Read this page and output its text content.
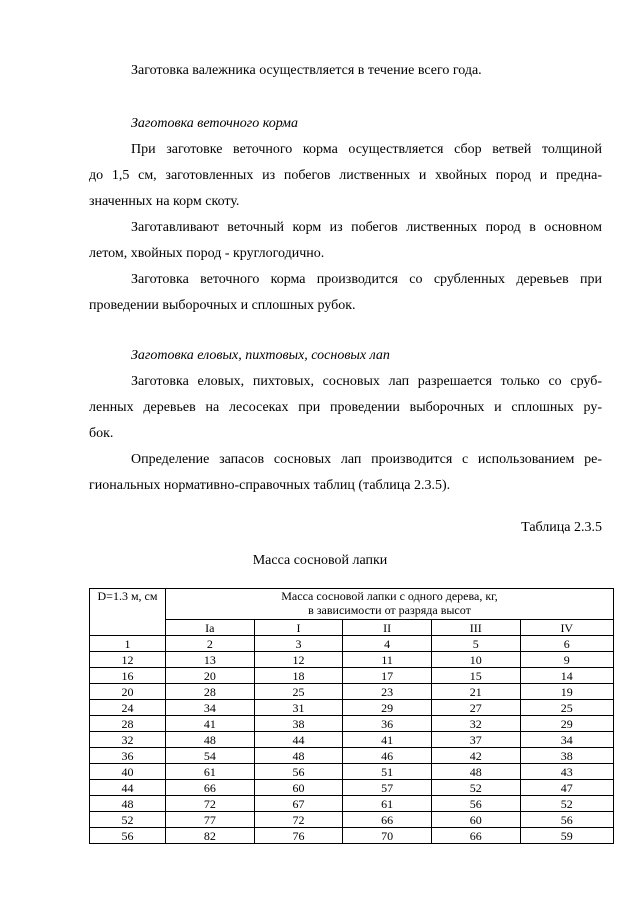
Заготовка валежника осуществляется в течение всего года.
Заготовка веточного корма
При заготовке веточного корма осуществляется сбор ветвей толщиной
до 1,5 см, заготовленных из побегов лиственных и хвойных пород и предна-
значенных на корм скоту.
Заготавливают веточный корм из побегов лиственных пород в основном
летом, хвойных пород - круглогодично.
Заготовка веточного корма производится со срубленных деревьев при
проведении выборочных и сплошных рубок.
Заготовка еловых, пихтовых, сосновых лап
Заготовка еловых, пихтовых, сосновых лап разрешается только со сруб-
ленных деревьев на лесосеках при проведении выборочных и сплошных ру-
бок.
Определение запасов сосновых лап производится с использованием ре-
гиональных нормативно-справочных таблиц (таблица 2.3.5).
Таблица 2.3.5
Масса сосновой лапки
D=1.3 м, см	Масса сосновой лапки с одного дерева, кг,
в зависимости от разряда высот				
	Ia	I	II	III	IV
1	2	3	4	5	6
12	13	12	11	10	9
16	20	18	17	15	14
20	28	25	23	21	19
24	34	31	29	27	25
28	41	38	36	32	29
32	48	44	41	37	34
36	54	48	46	42	38
40	61	56	51	48	43
44	66	60	57	52	47
48	72	67	61	56	52
52	77	72	66	60	56
56	82	76	70	66	59
